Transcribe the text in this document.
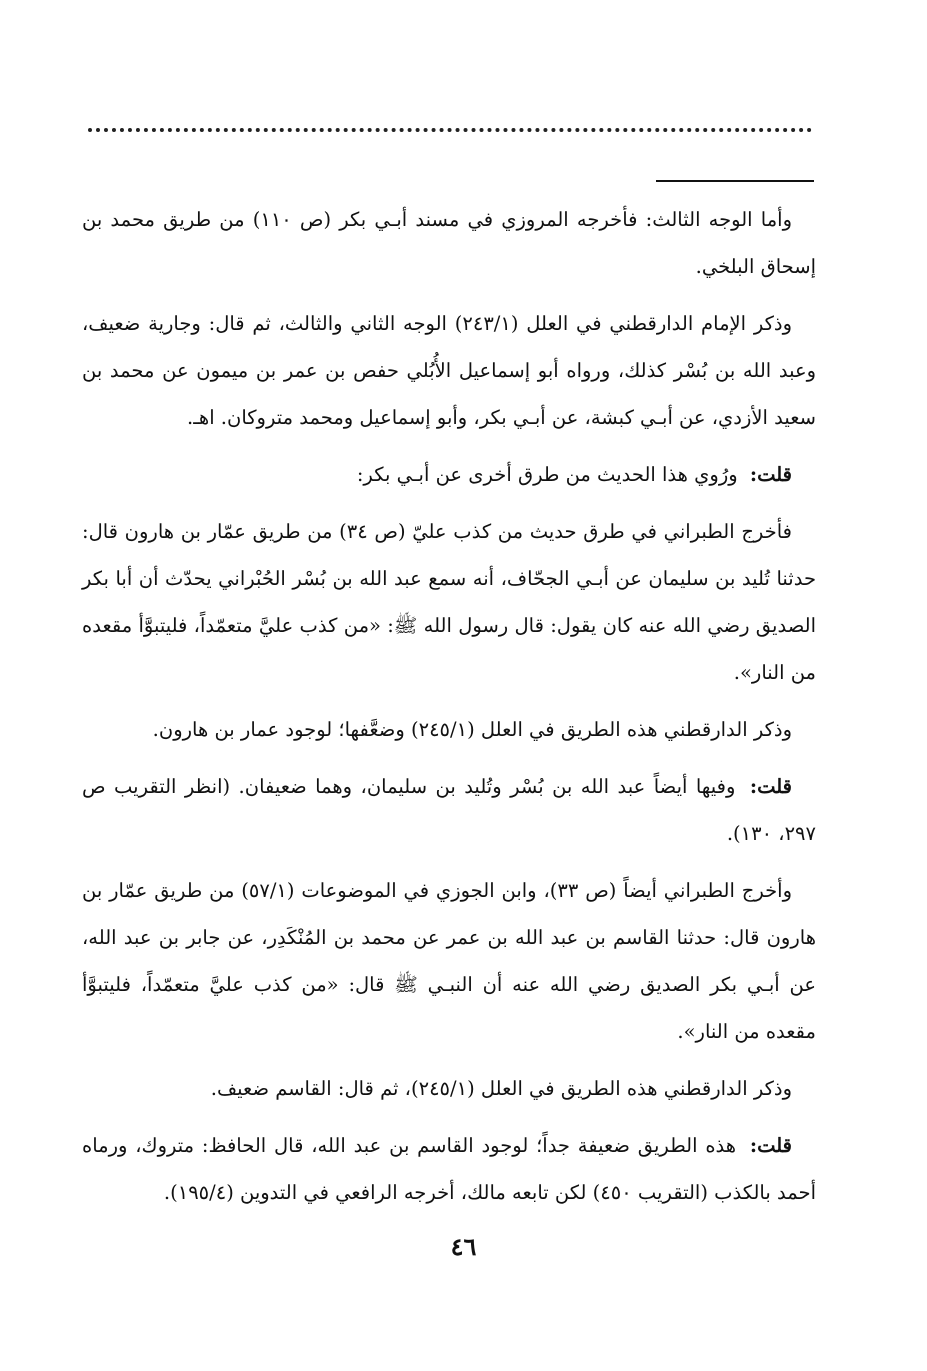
وأما الوجه الثالث: فأخرجه المروزي في مسند أبـي بكر (ص ١١٠) من طريق محمد بن إسحاق البلخي.

وذكر الإمام الدارقطني في العلل (٢٤٣/١) الوجه الثاني والثالث، ثم قال: وجارية ضعيف، وعبد الله بن بُسْر كذلك، ورواه أبو إسماعيل الأُبُلي حفص بن عمر بن ميمون عن محمد بن سعيد الأزدي، عن أبـي كبشة، عن أبـي بكر، وأبو إسماعيل ومحمد متروكان. اهـ.

قلت: ورُوي هذا الحديث من طرق أخرى عن أبـي بكر:

فأخرج الطبراني في طرق حديث من كذب عليّ (ص ٣٤) من طريق عمّار بن هارون قال: حدثنا تُليد بن سليمان عن أبـي الجحّاف، أنه سمع عبد الله بن بُسْر الحُبْراني يحدّث أن أبا بكر الصديق رضي الله عنه كان يقول: قال رسول الله ﷺ: «من كذب عليَّ متعمّداً، فليتبوَّأ مقعده من النار».

وذكر الدارقطني هذه الطريق في العلل (٢٤٥/١) وضعَّفها؛ لوجود عمار بن هارون.

قلت: وفيها أيضاً عبد الله بن بُسْر وتُليد بن سليمان، وهما ضعيفان. (انظر التقريب ص ٢٩٧، ١٣٠).

وأخرج الطبراني أيضاً (ص ٣٣)، وابن الجوزي في الموضوعات (٥٧/١) من طريق عمّار بن هارون قال: حدثنا القاسم بن عبد الله بن عمر عن محمد بن المُنْكَدِر، عن جابر بن عبد الله، عن أبـي بكر الصديق رضي الله عنه أن النبـي ﷺ قال: «من كذب عليَّ متعمّداً، فليتبوَّأ مقعده من النار».

وذكر الدارقطني هذه الطريق في العلل (٢٤٥/١)، ثم قال: القاسم ضعيف.

قلت: هذه الطريق ضعيفة جداً؛ لوجود القاسم بن عبد الله، قال الحافظ: متروك، ورماه أحمد بالكذب (التقريب ٤٥٠) لكن تابعه مالك، أخرجه الرافعي في التدوين (١٩٥/٤).

٤٦
